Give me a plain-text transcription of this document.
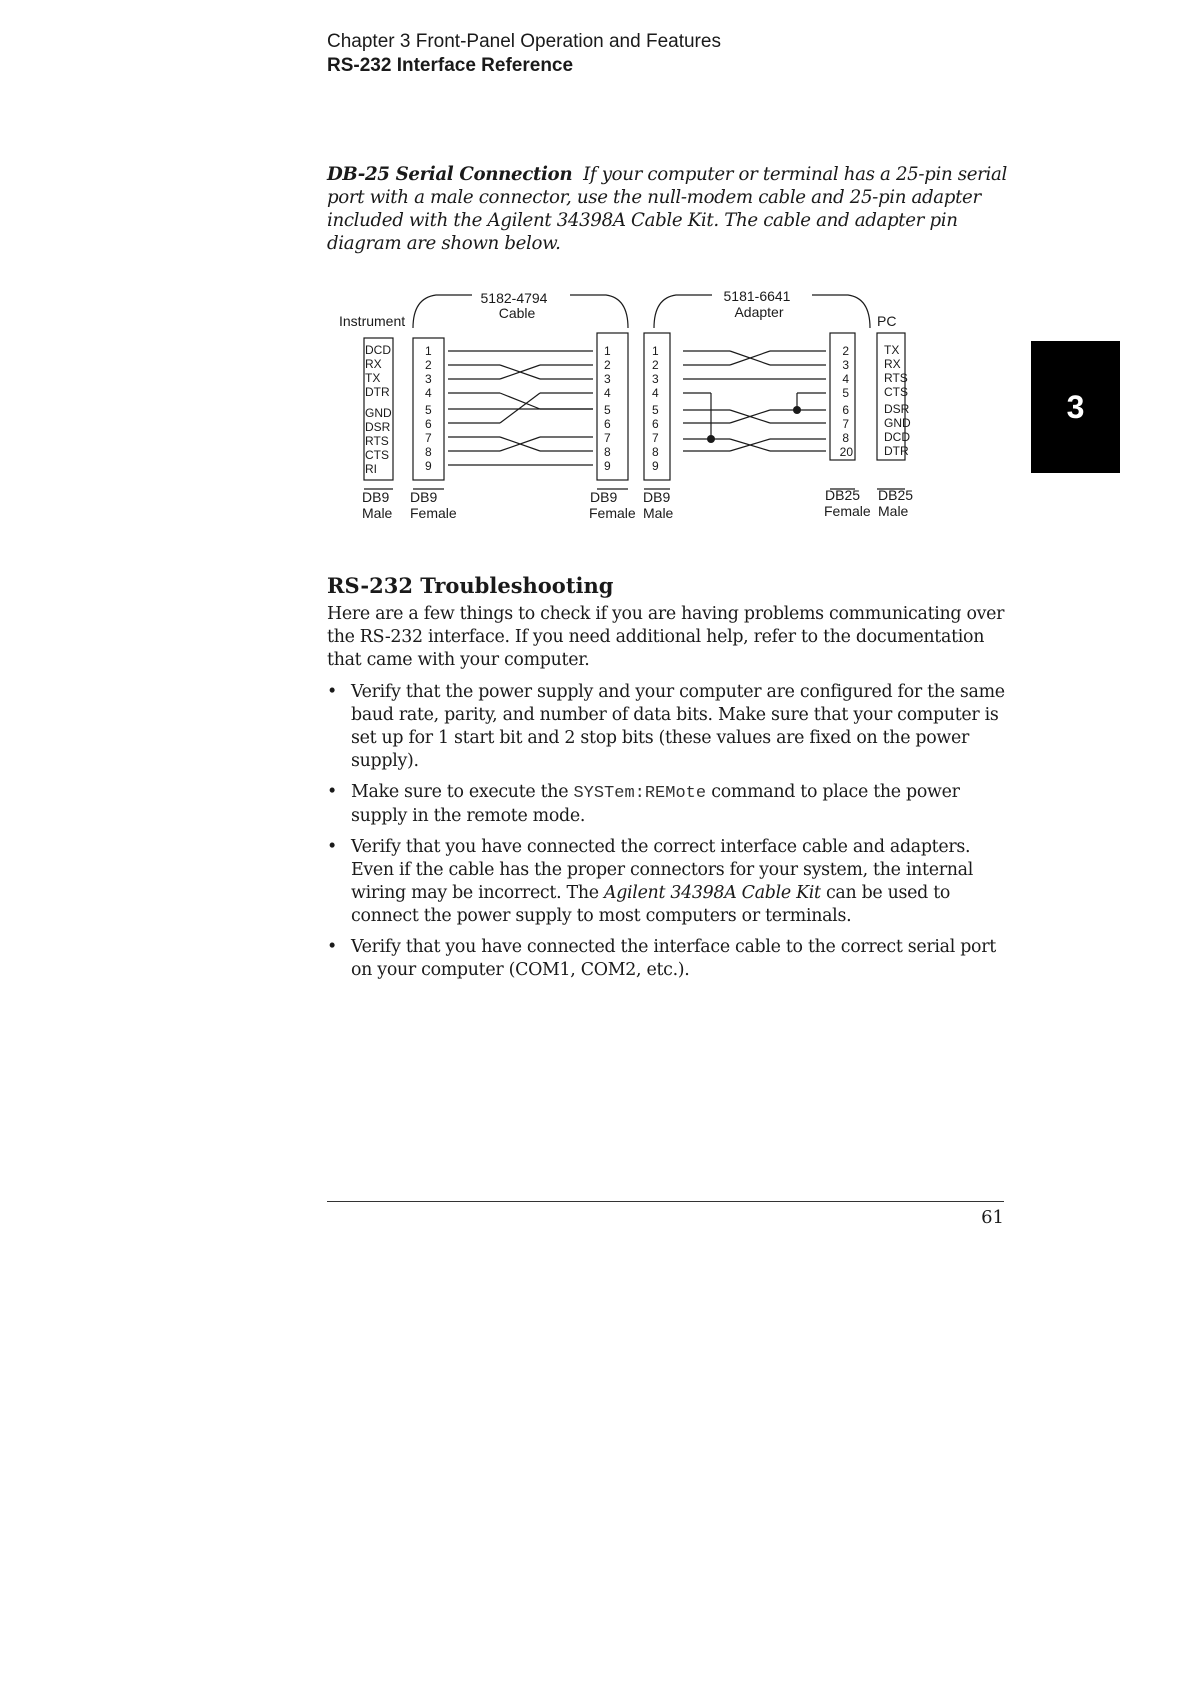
Chapter 3 Front-Panel Operation and Features
RS-232 Interface Reference
DB-25 Serial Connection If your computer or terminal has a 25-pin serial port with a male connector, use the null-modem cable and 25-pin adapter included with the Agilent 34398A Cable Kit. The cable and adapter pin diagram are shown below.
5182-4794
Cable
5181-6641
Adapter
Instrument	PC
DCD
RX
TX
DTR
GND
DSR
RTS
CTS
RI
1
2
3
4
5
6
7
8
9
1
2
3
4
5
6
7
8
9
1
2
3
4
5
6
7
8
9
2
3
4
5
6
7
8
20
TX
RX
RTS
CTS
DSR
GND
DCD
DTR
DB9
Male
DB9
Female
DB9
Female
DB9
Male
DB25
Female
DB25
Male
3
RS-232 Troubleshooting
Here are a few things to check if you are having problems communicating over the RS-232 interface. If you need additional help, refer to the documentation that came with your computer.
• Verify that the power supply and your computer are configured for the same baud rate, parity, and number of data bits. Make sure that your computer is set up for 1 start bit and 2 stop bits (these values are fixed on the power supply).
• Make sure to execute the SYSTem:REMote command to place the power supply in the remote mode.
• Verify that you have connected the correct interface cable and adapters. Even if the cable has the proper connectors for your system, the internal wiring may be incorrect. The Agilent 34398A Cable Kit can be used to connect the power supply to most computers or terminals.
• Verify that you have connected the interface cable to the correct serial port on your computer (COM1, COM2, etc.).
61
